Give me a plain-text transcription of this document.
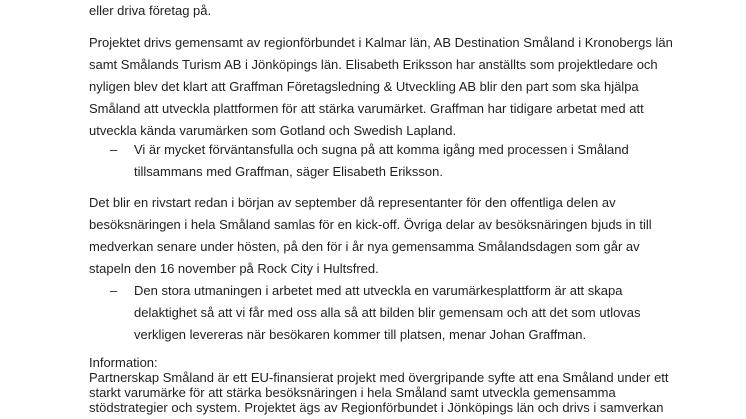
eller driva företag på.

Projektet drivs gemensamt av regionförbundet i Kalmar län, AB Destination Småland i Kronobergs län
samt Smålands Turism AB i Jönköpings län. Elisabeth Eriksson har anställts som projektledare och
nyligen blev det klart att Graffman Företagsledning & Utveckling AB blir den part som ska hjälpa
Småland att utveckla plattformen för att stärka varumärket. Graffman har tidigare arbetat med att
utveckla kända varumärken som Gotland och Swedish Lapland.

– Vi är mycket förväntansfulla och sugna på att komma igång med processen i Småland
tillsammans med Graffman, säger Elisabeth Eriksson.

Det blir en rivstart redan i början av september då representanter för den offentliga delen av
besöksnäringen i hela Småland samlas för en kick-off. Övriga delar av besöksnäringen bjuds in till
medverkan senare under hösten, på den för i år nya gemensamma Smålandsdagen som går av
stapeln den 16 november på Rock City i Hultsfred.

– Den stora utmaningen i arbetet med att utveckla en varumärkesplattform är att skapa
delaktighet så att vi får med oss alla så att bilden blir gemensam och att det som utlovas
verkligen levereras när besökaren kommer till platsen, menar Johan Graffman.
Information:
Partnerskap Småland är ett EU-finansierat projekt med övergripande syfte att ena Småland under ett
starkt varumärke för att stärka besöksnäringen i hela Småland samt utveckla gemensamma
stödstrategier och system. Projektet ägs av Regionförbundet i Jönköpings län och drivs i samverkan
